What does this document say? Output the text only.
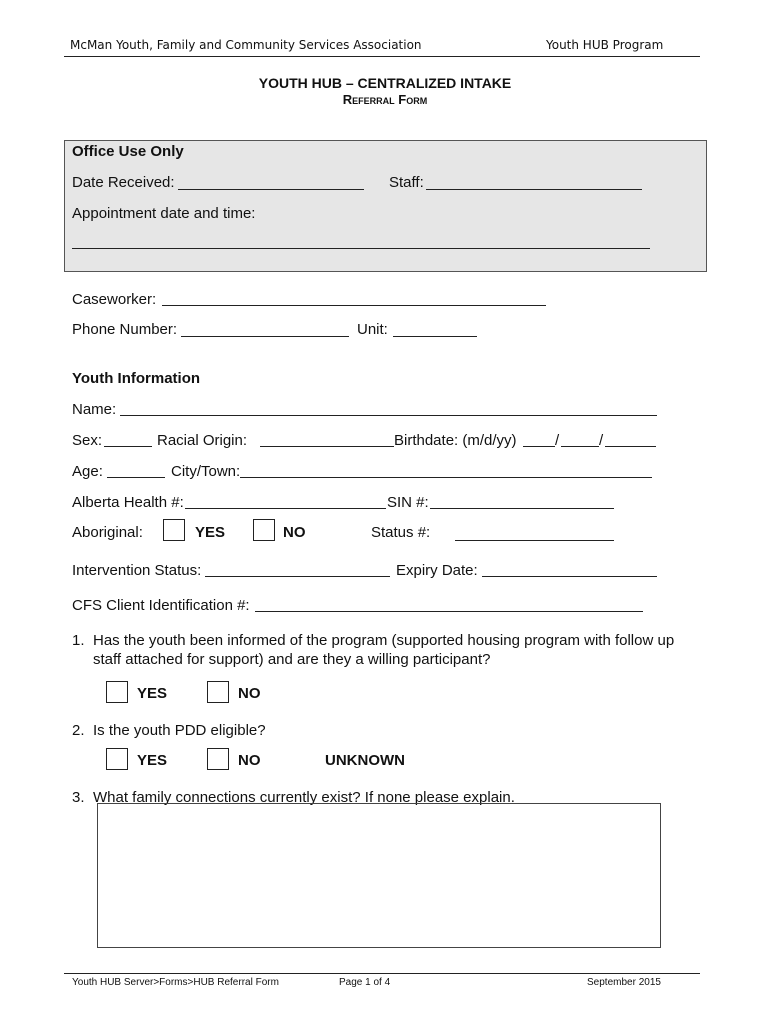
McMan Youth, Family and Community Services Association	Youth HUB Program
YOUTH HUB – CENTRALIZED INTAKE
Referral Form
Office Use Only
Date Received:	Staff:
Appointment date and time:
Caseworker:
Phone Number:	Unit:
Youth Information
Name:
Sex:	Racial Origin:	Birthdate: (m/d/yy)	/	/
Age:	City/Town:
Alberta Health #:	SIN #:
Aboriginal:	YES	NO	Status #:
Intervention Status:	Expiry Date:
CFS Client Identification #:
1. Has the youth been informed of the program (supported housing program with follow up
staff attached for support) and are they a willing participant?
YES	NO
2. Is the youth PDD eligible?
YES	NO	UNKNOWN
3. What family connections currently exist? If none please explain.
Youth HUB Server>Forms>HUB Referral Form	Page 1 of 4	September 2015
